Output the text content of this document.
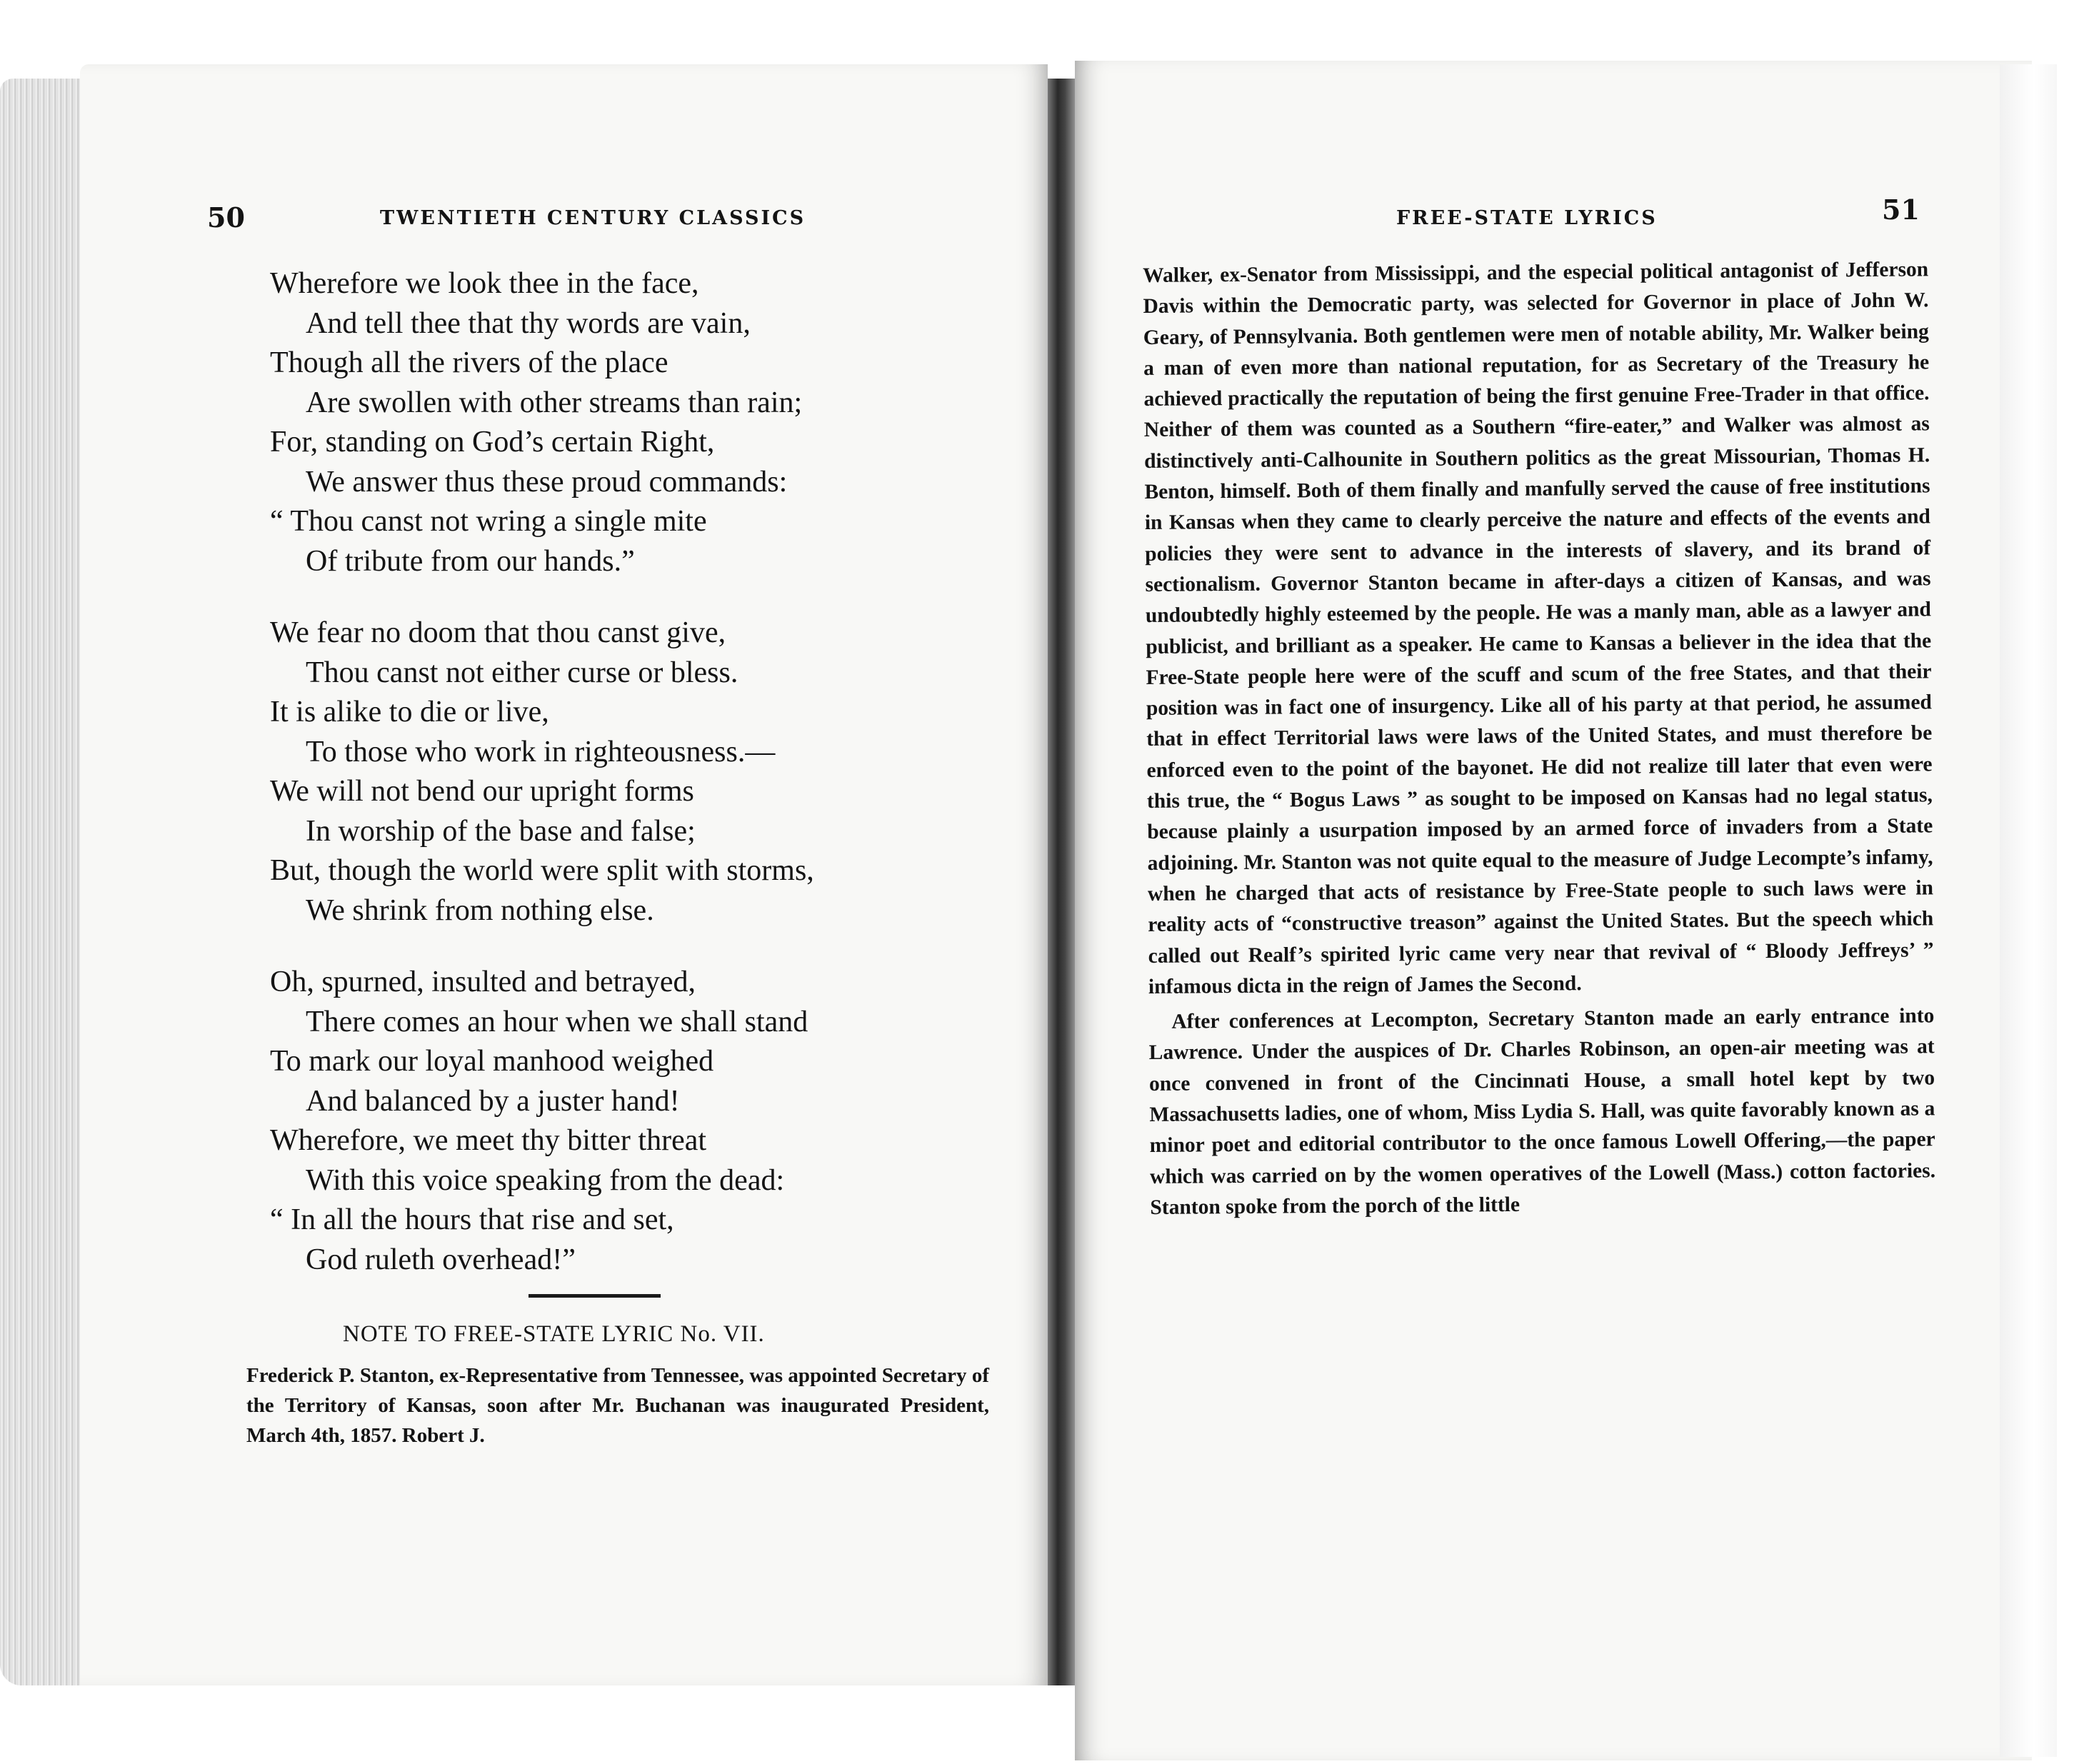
50	TWENTIETH CENTURY CLASSICS	FREE-STATE LYRICS	51
Wherefore we look thee in the face,
And tell thee that thy words are vain,
Though all the rivers of the place
Are swollen with other streams than rain;
For, standing on God’s certain Right,
We answer thus these proud commands:
“ Thou canst not wring a single mite
Of tribute from our hands.”
We fear no doom that thou canst give,
Thou canst not either curse or bless.
It is alike to die or live,
To those who work in righteousness.—
We will not bend our upright forms
In worship of the base and false;
But, though the world were split with storms,
We shrink from nothing else.
Oh, spurned, insulted and betrayed,
There comes an hour when we shall stand
To mark our loyal manhood weighed
And balanced by a juster hand!
Wherefore, we meet thy bitter threat
With this voice speaking from the dead:
“ In all the hours that rise and set,
God ruleth overhead!”
NOTE TO FREE-STATE LYRIC No. VII.
Frederick P. Stanton, ex-Representative from Tennessee, was appointed Secretary of the Territory of Kansas, soon after Mr. Buchanan was inaugurated President, March 4th, 1857. Robert J.

Walker, ex-Senator from Mississippi, and the especial political antagonist of Jefferson Davis within the Democratic party, was selected for Governor in place of John W. Geary, of Pennsylvania. Both gentlemen were men of notable ability, Mr. Walker being a man of even more than national reputation, for as Secretary of the Treasury he achieved practically the reputation of being the first genuine Free-Trader in that office. Neither of them was counted as a Southern “fire-eater,” and Walker was almost as distinctively anti-Calhounite in Southern politics as the great Missourian, Thomas H. Benton, himself. Both of them finally and manfully served the cause of free institutions in Kansas when they came to clearly perceive the nature and effects of the events and policies they were sent to advance in the interests of slavery, and its brand of sectionalism. Governor Stanton became in after-days a citizen of Kansas, and was undoubtedly highly esteemed by the people. He was a manly man, able as a lawyer and publicist, and brilliant as a speaker. He came to Kansas a believer in the idea that the Free-State people here were of the scuff and scum of the free States, and that their position was in fact one of insurgency. Like all of his party at that period, he assumed that in effect Territorial laws were laws of the United States, and must therefore be enforced even to the point of the bayonet. He did not realize till later that even were this true, the “ Bogus Laws ” as sought to be imposed on Kansas had no legal status, because plainly a usurpation imposed by an armed force of invaders from a State adjoining. Mr. Stanton was not quite equal to the measure of Judge Lecompte’s infamy, when he charged that acts of resistance by Free-State people to such laws were in reality acts of “constructive treason” against the United States. But the speech which called out Realf’s spirited lyric came very near that revival of “ Bloody Jeffreys’ ” infamous dicta in the reign of James the Second.

After conferences at Lecompton, Secretary Stanton made an early entrance into Lawrence. Under the auspices of Dr. Charles Robinson, an open-air meeting was at once convened in front of the Cincinnati House, a small hotel kept by two Massachusetts ladies, one of whom, Miss Lydia S. Hall, was quite favorably known as a minor poet and editorial contributor to the once famous Lowell Offering,—the paper which was carried on by the women operatives of the Lowell (Mass.) cotton factories. Stanton spoke from the porch of the little
